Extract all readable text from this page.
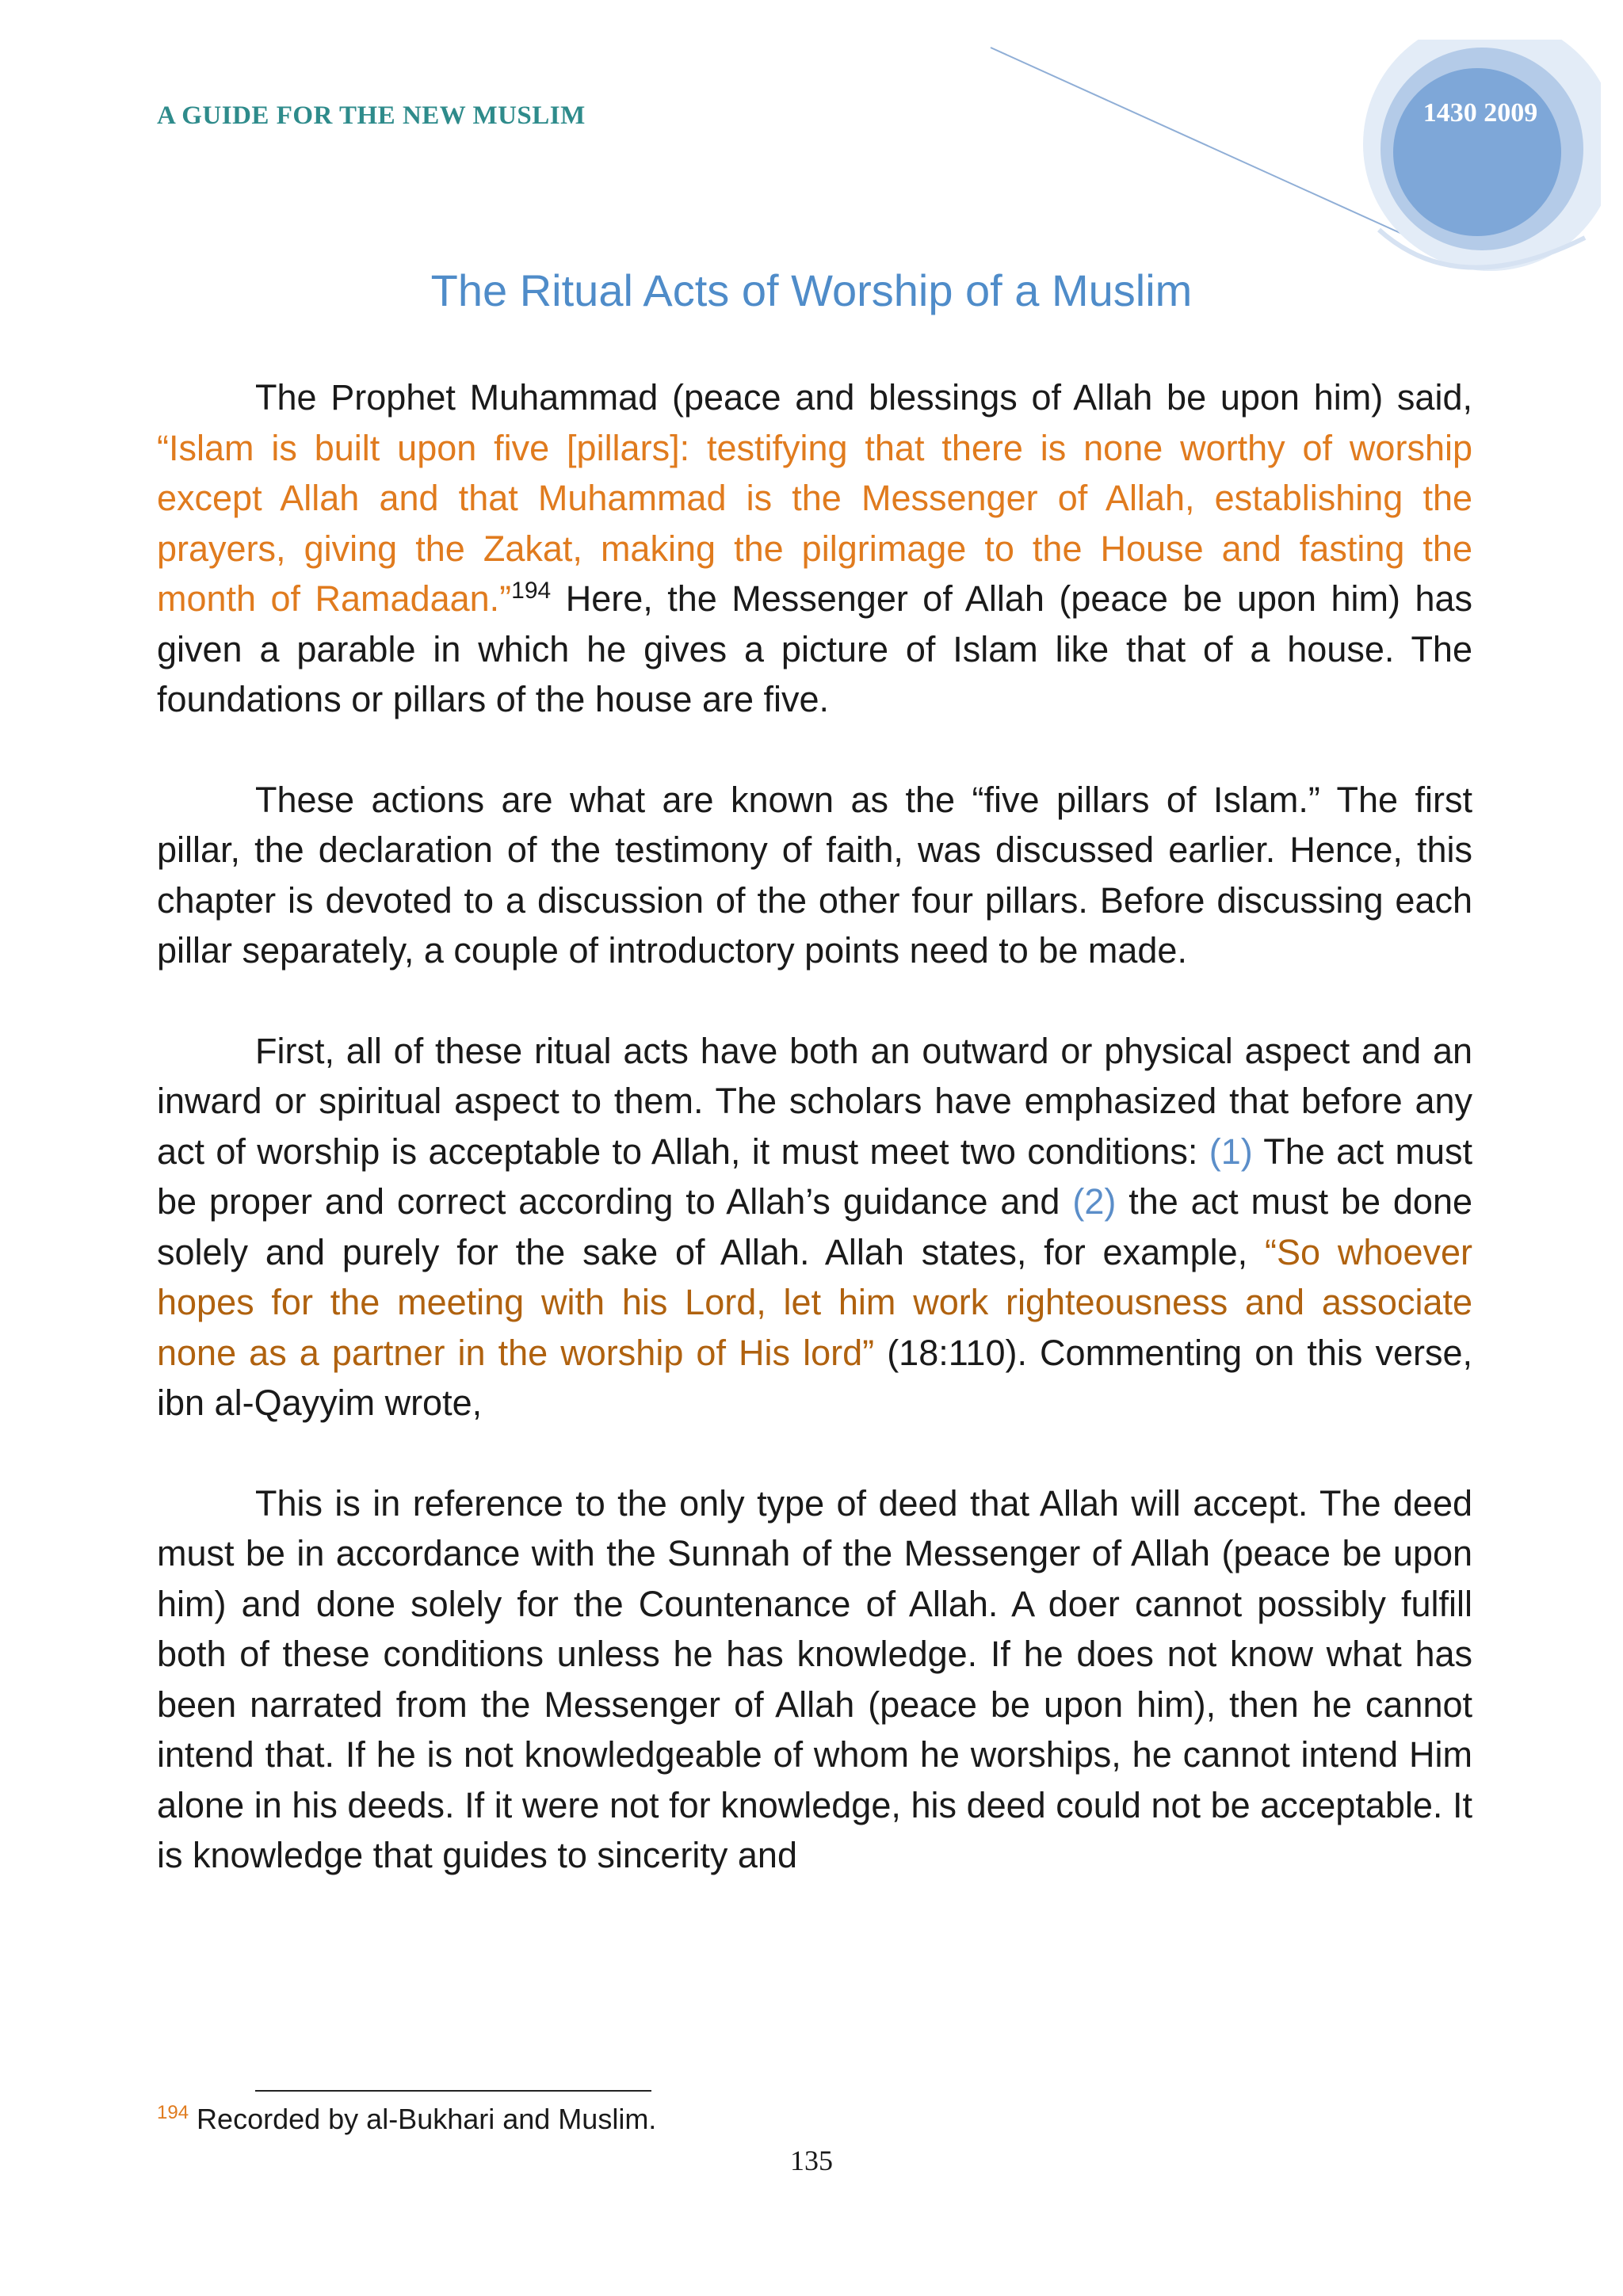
A GUIDE FOR THE NEW MUSLIM	1430 2009

The Ritual Acts of Worship of a Muslim

The Prophet Muhammad (peace and blessings of Allah be upon him) said, “Islam is built upon five [pillars]: testifying that there is none worthy of worship except Allah and that Muhammad is the Messenger of Allah, establishing the prayers, giving the Zakat, making the pilgrimage to the House and fasting the month of Ramadaan.”$^{194}$ Here, the Messenger of Allah (peace be upon him) has given a parable in which he gives a picture of Islam like that of a house. The foundations or pillars of the house are five.

These actions are what are known as the “five pillars of Islam.” The first pillar, the declaration of the testimony of faith, was discussed earlier. Hence, this chapter is devoted to a discussion of the other four pillars. Before discussing each pillar separately, a couple of introductory points need to be made.

First, all of these ritual acts have both an outward or physical aspect and an inward or spiritual aspect to them. The scholars have emphasized that before any act of worship is acceptable to Allah, it must meet two conditions: (1) The act must be proper and correct according to Allah’s guidance and (2) the act must be done solely and purely for the sake of Allah. Allah states, for example, “So whoever hopes for the meeting with his Lord, let him work righteousness and associate none as a partner in the worship of His lord” (18:110). Commenting on this verse, ibn al-Qayyim wrote,

This is in reference to the only type of deed that Allah will accept. The deed must be in accordance with the Sunnah of the Messenger of Allah (peace be upon him) and done solely for the Countenance of Allah. A doer cannot possibly fulfill both of these conditions unless he has knowledge. If he does not know what has been narrated from the Messenger of Allah (peace be upon him), then he cannot intend that. If he is not knowledgeable of whom he worships, he cannot intend Him alone in his deeds. If it were not for knowledge, his deed could not be acceptable. It is knowledge that guides to sincerity and

$^{194}$ Recorded by al-Bukhari and Muslim.

135
